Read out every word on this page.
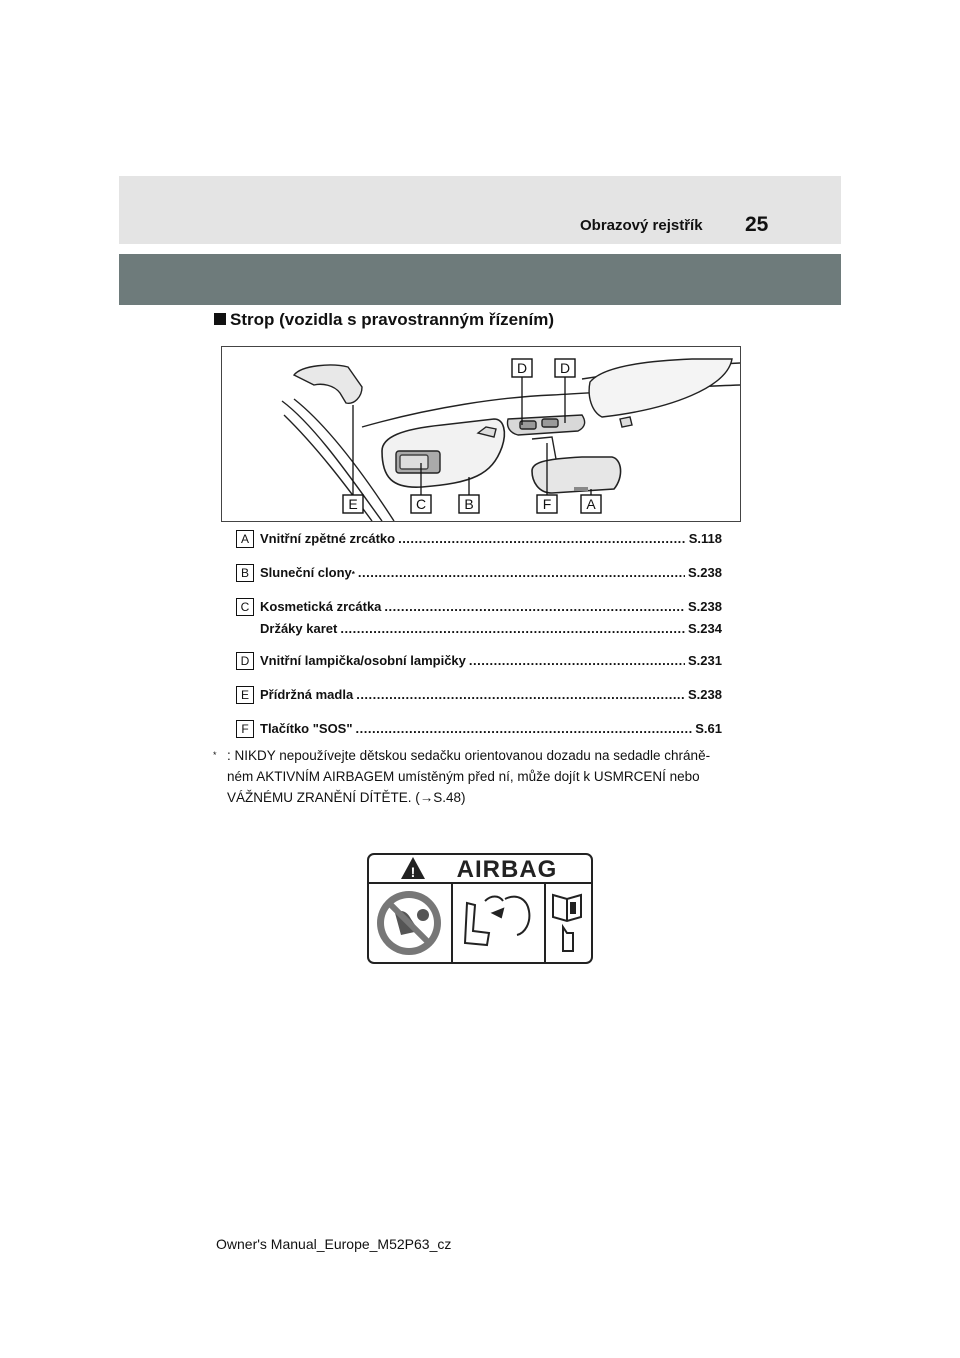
Obrazový rejstřík 25
Strop (vozidla s pravostranným řízením)
D D
E	C	B	F	A
A Vnitřní zpětné zrcátko .....	S.118
B Sluneční clony * .....	S.238
C Kosmetická zrcátka .....	S.238
Držáky karet .....	S.234
D Vnitřní lampička/osobní lampičky .....	S.231
E Přídržná madla .....	S.238
F Tlačítko "SOS" .....	S.61
* : NIKDY nepoužívejte dětskou sedačku orientovanou dozadu na sedadle chráně-
ném AKTIVNÍM AIRBAGEM umístěným před ní, může dojít k USMRCENÍ nebo
VÁŽNÉMU ZRANĚNÍ DÍTĚTE. (→S.48)
! AIRBAG
Owner's Manual_Europe_M52P63_cz
